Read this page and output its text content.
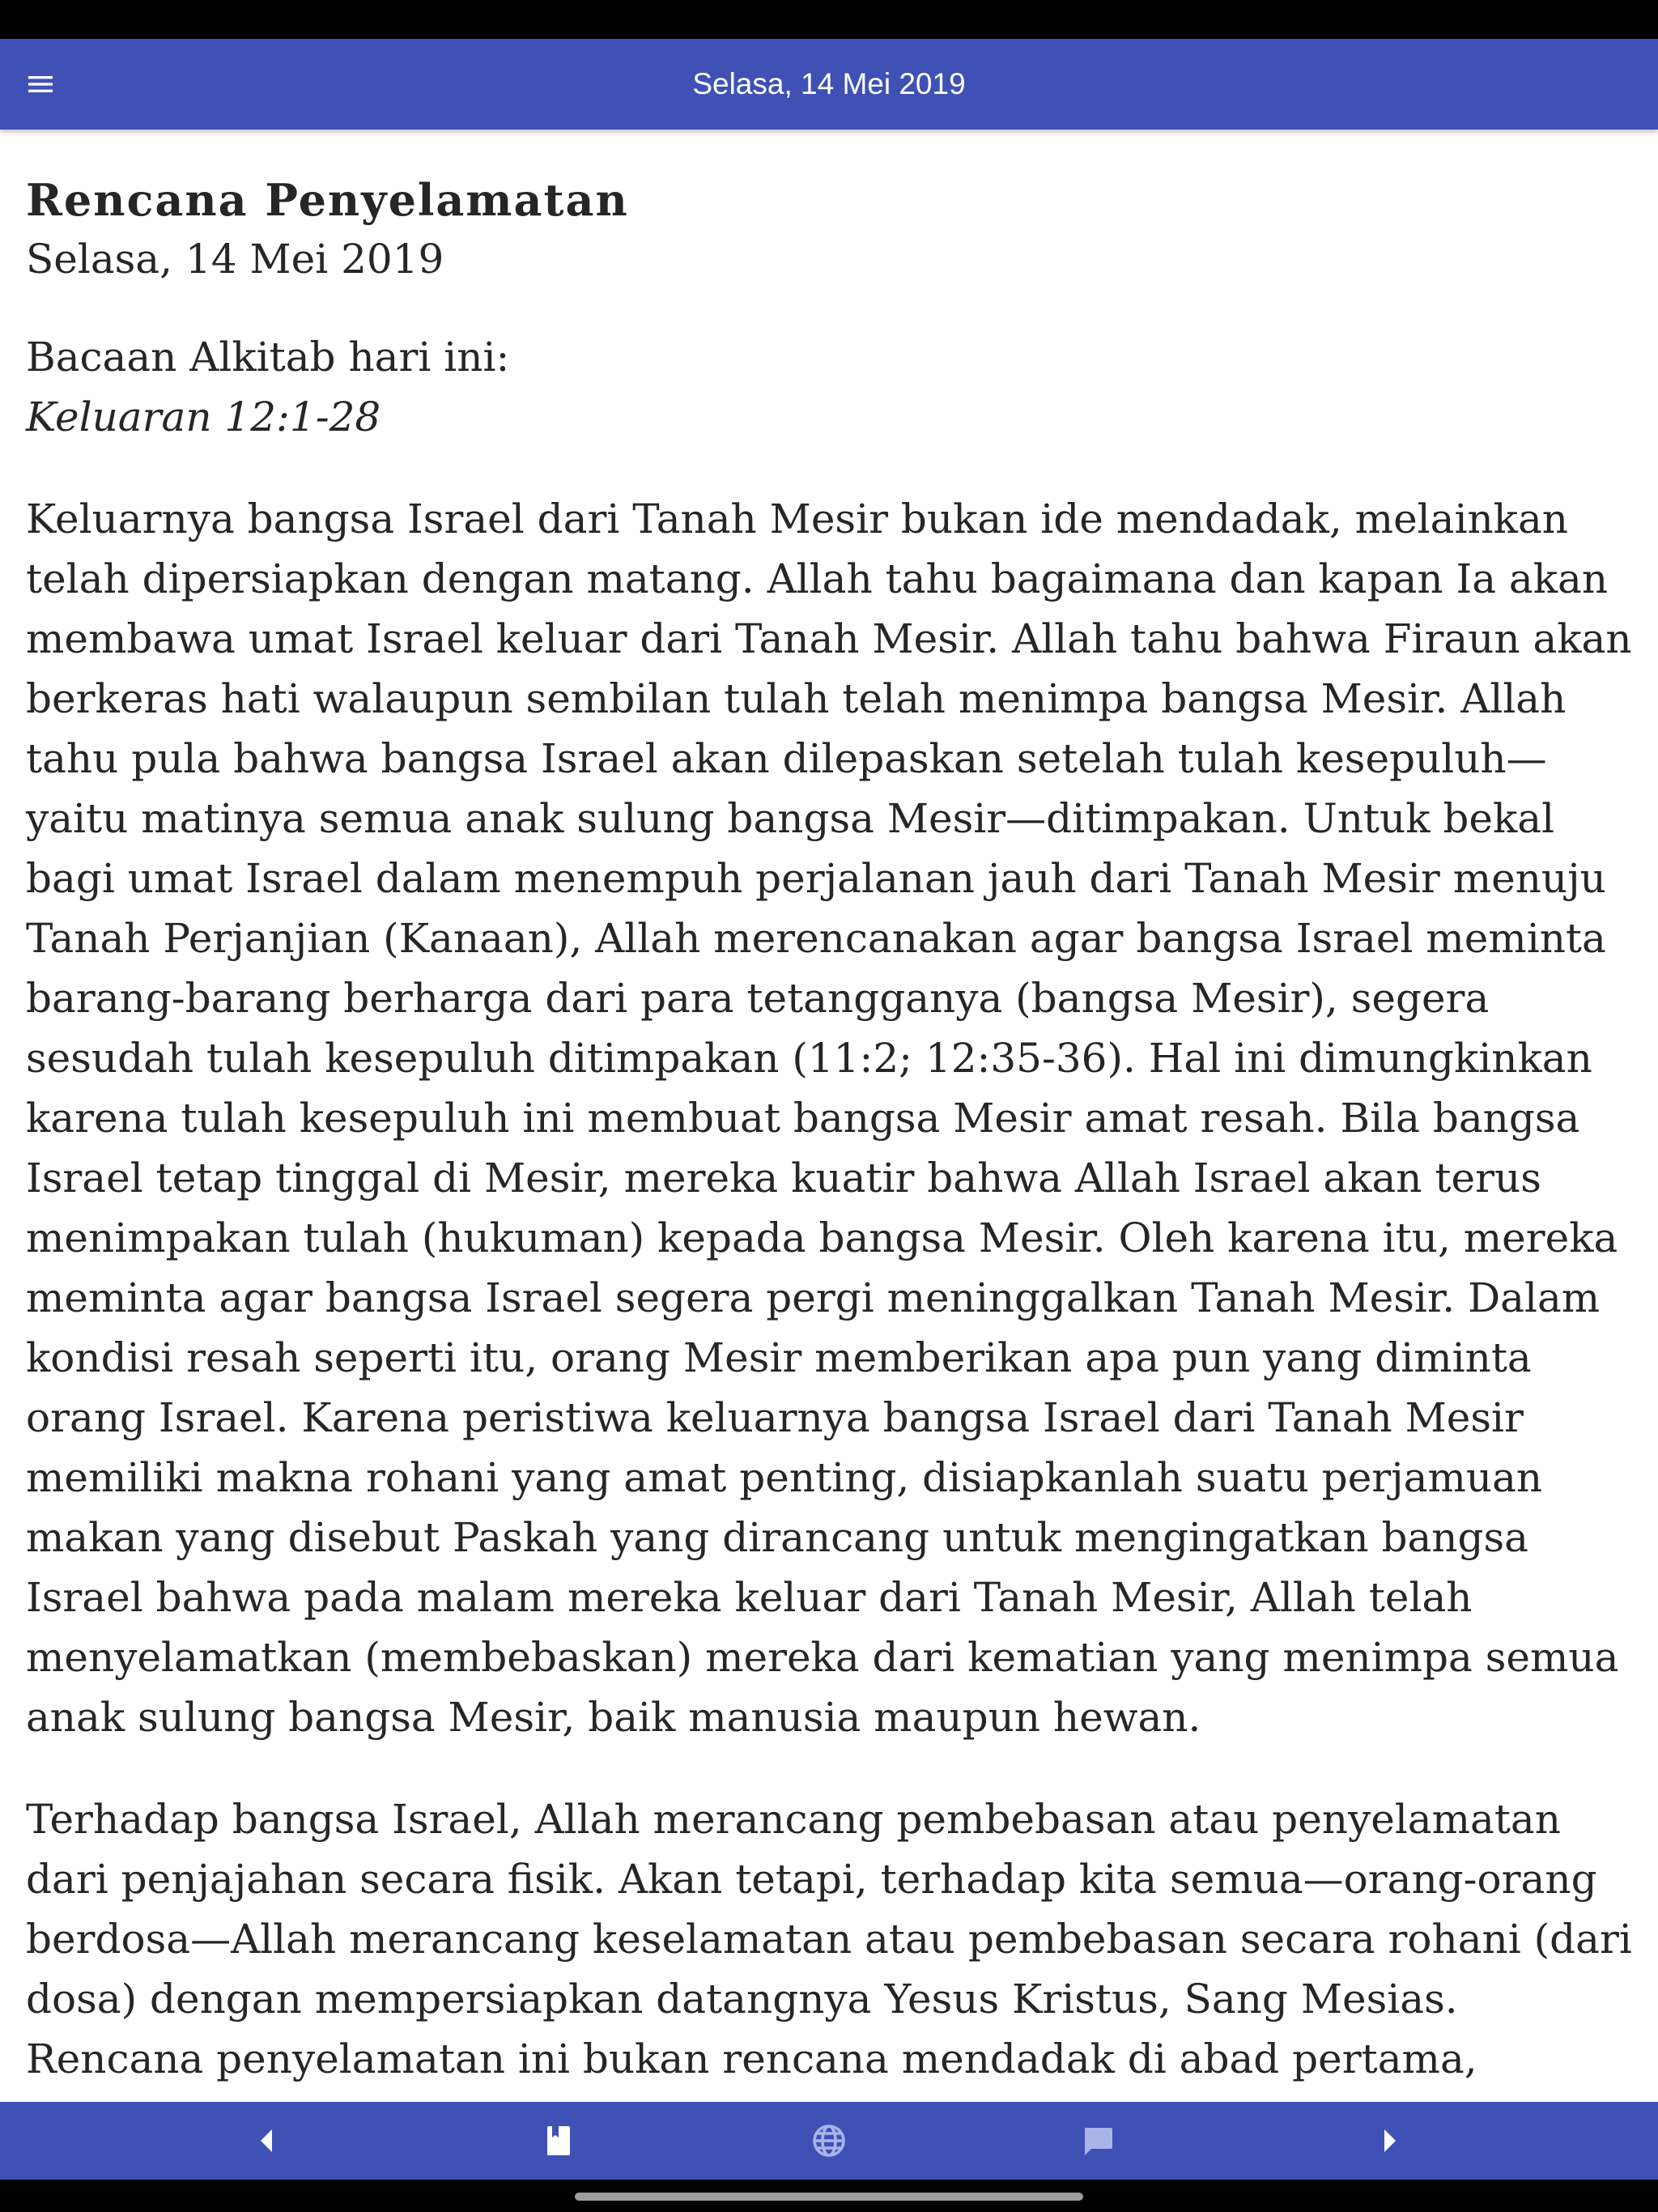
Selasa, 14 Mei 2019
Rencana Penyelamatan
Selasa, 14 Mei 2019
Bacaan Alkitab hari ini:
Keluaran 12:1-28

Keluarnya bangsa Israel dari Tanah Mesir bukan ide mendadak, melainkan telah dipersiapkan dengan matang. Allah tahu bagaimana dan kapan Ia akan membawa umat Israel keluar dari Tanah Mesir. Allah tahu bahwa Firaun akan berkeras hati walaupun sembilan tulah telah menimpa bangsa Mesir. Allah tahu pula bahwa bangsa Israel akan dilepaskan setelah tulah kesepuluh—yaitu matinya semua anak sulung bangsa Mesir—ditimpakan. Untuk bekal bagi umat Israel dalam menempuh perjalanan jauh dari Tanah Mesir menuju Tanah Perjanjian (Kanaan), Allah merencanakan agar bangsa Israel meminta barang-barang berharga dari para tetangganya (bangsa Mesir), segera sesudah tulah kesepuluh ditimpakan (11:2; 12:35-36). Hal ini dimungkinkan karena tulah kesepuluh ini membuat bangsa Mesir amat resah. Bila bangsa Israel tetap tinggal di Mesir, mereka kuatir bahwa Allah Israel akan terus menimpakan tulah (hukuman) kepada bangsa Mesir. Oleh karena itu, mereka meminta agar bangsa Israel segera pergi meninggalkan Tanah Mesir. Dalam kondisi resah seperti itu, orang Mesir memberikan apa pun yang diminta orang Israel. Karena peristiwa keluarnya bangsa Israel dari Tanah Mesir memiliki makna rohani yang amat penting, disiapkanlah suatu perjamuan makan yang disebut Paskah yang dirancang untuk mengingatkan bangsa Israel bahwa pada malam mereka keluar dari Tanah Mesir, Allah telah menyelamatkan (membebaskan) mereka dari kematian yang menimpa semua anak sulung bangsa Mesir, baik manusia maupun hewan.

Terhadap bangsa Israel, Allah merancang pembebasan atau penyelamatan dari penjajahan secara fisik. Akan tetapi, terhadap kita semua—orang-orang berdosa—Allah merancang keselamatan atau pembebasan secara rohani (dari dosa) dengan mempersiapkan datangnya Yesus Kristus, Sang Mesias. Rencana penyelamatan ini bukan rencana mendadak di abad pertama,
